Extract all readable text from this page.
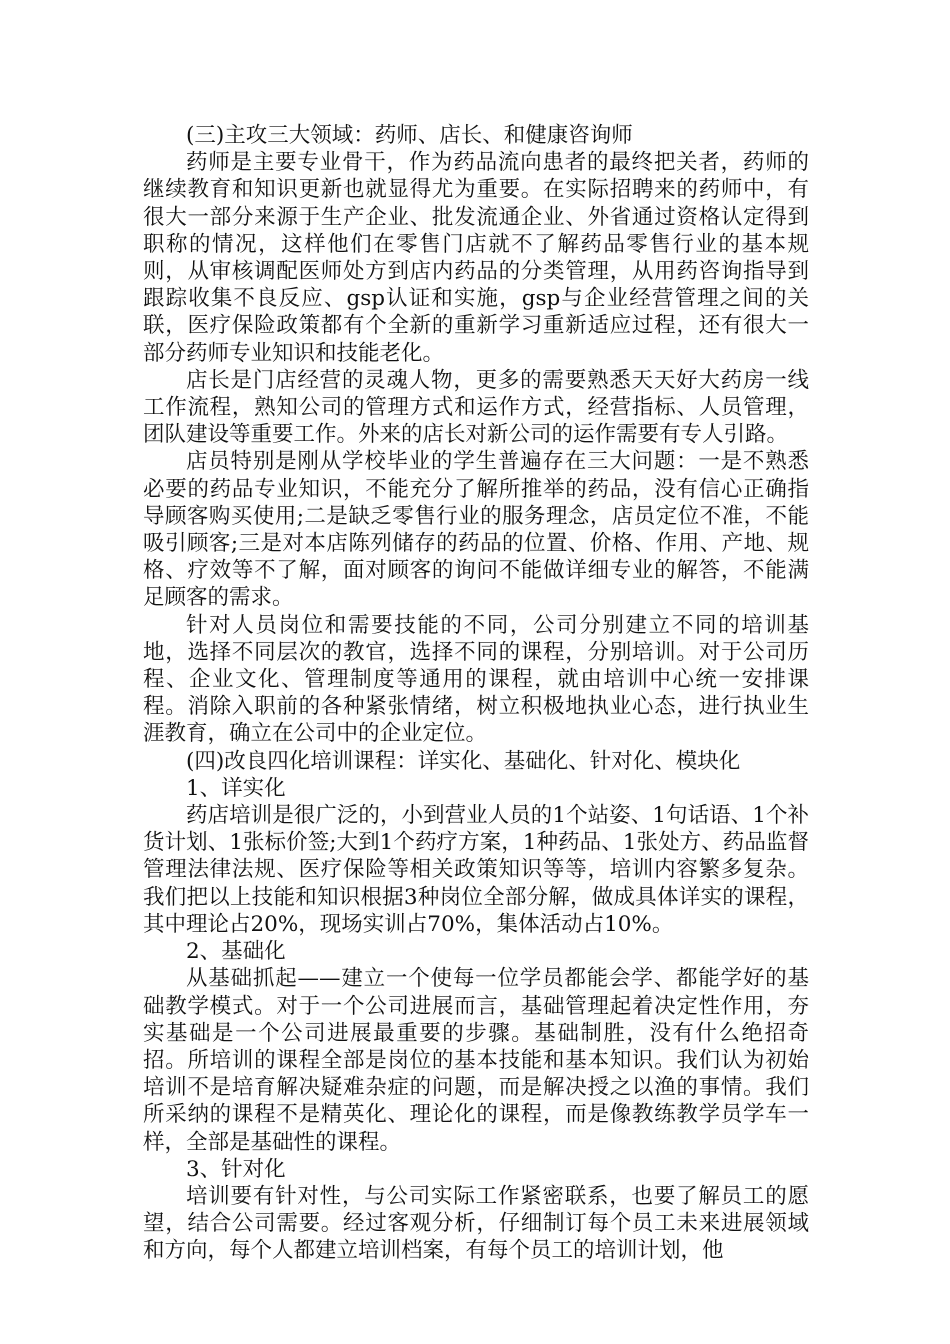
(三)主攻三大领域：药师、店长、和健康咨询师

药师是主要专业骨干，作为药品流向患者的最终把关者，药师的继续教育和知识更新也就显得尤为重要。在实际招聘来的药师中，有很大一部分来源于生产企业、批发流通企业、外省通过资格认定得到职称的情况，这样他们在零售门店就不了解药品零售行业的基本规则，从审核调配医师处方到店内药品的分类管理，从用药咨询指导到跟踪收集不良反应、gsp认证和实施，gsp与企业经营管理之间的关联，医疗保险政策都有个全新的重新学习重新适应过程，还有很大一部分药师专业知识和技能老化。

店长是门店经营的灵魂人物，更多的需要熟悉天天好大药房一线工作流程，熟知公司的管理方式和运作方式，经营指标、人员管理，团队建设等重要工作。外来的店长对新公司的运作需要有专人引路。

店员特别是刚从学校毕业的学生普遍存在三大问题：一是不熟悉必要的药品专业知识，不能充分了解所推举的药品，没有信心正确指导顾客购买使用;二是缺乏零售行业的服务理念，店员定位不准，不能吸引顾客;三是对本店陈列储存的药品的位置、价格、作用、产地、规格、疗效等不了解，面对顾客的询问不能做详细专业的解答，不能满足顾客的需求。

针对人员岗位和需要技能的不同，公司分别建立不同的培训基地，选择不同层次的教官，选择不同的课程，分别培训。对于公司历程、企业文化、管理制度等通用的课程，就由培训中心统一安排课程。消除入职前的各种紧张情绪，树立积极地执业心态，进行执业生涯教育，确立在公司中的企业定位。

(四)改良四化培训课程：详实化、基础化、针对化、模块化

1、详实化

药店培训是很广泛的，小到营业人员的1个站姿、1句话语、1个补货计划、1张标价签;大到1个药疗方案，1种药品、1张处方、药品监督管理法律法规、医疗保险等相关政策知识等等，培训内容繁多复杂。我们把以上技能和知识根据3种岗位全部分解，做成具体详实的课程，其中理论占20%，现场实训占70%，集体活动占10%。

2、基础化

从基础抓起——建立一个使每一位学员都能会学、都能学好的基础教学模式。对于一个公司进展而言，基础管理起着决定性作用，夯实基础是一个公司进展最重要的步骤。基础制胜，没有什么绝招奇招。所培训的课程全部是岗位的基本技能和基本知识。我们认为初始培训不是培育解决疑难杂症的问题，而是解决授之以渔的事情。我们所采纳的课程不是精英化、理论化的课程，而是像教练教学员学车一样，全部是基础性的课程。

3、针对化

培训要有针对性，与公司实际工作紧密联系，也要了解员工的愿望，结合公司需要。经过客观分析，仔细制订每个员工未来进展领域和方向，每个人都建立培训档案，有每个员工的培训计划，他
